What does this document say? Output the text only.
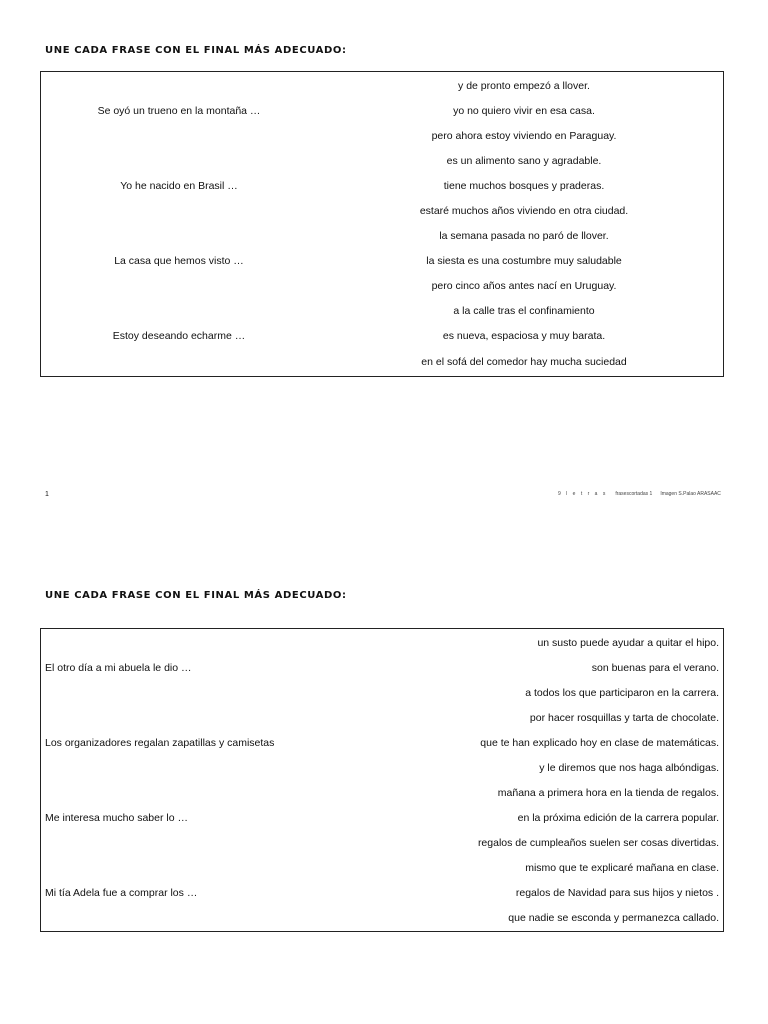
UNE CADA FRASE CON EL FINAL MÁS ADECUADO:
Se oyó un trueno en la montaña …
Yo he nacido en Brasil …
La casa que hemos visto …
Estoy deseando echarme …
y de pronto empezó a llover.
yo no quiero vivir en esa casa.
pero ahora estoy viviendo en Paraguay.
es un alimento sano y agradable.
tiene muchos bosques y praderas.
estaré muchos años viviendo en otra ciudad.
la semana pasada no paró de llover.
la siesta es una costumbre muy saludable
pero cinco años antes nací en Uruguay.
a la calle tras el confinamiento
es nueva, espaciosa y muy barata.
en el sofá del comedor hay mucha suciedad
1	9 l e t r a s frasescortadas 1 Imagen S.Palao ARASAAC
UNE CADA FRASE CON EL FINAL MÁS ADECUADO:
El otro día a mi abuela le dio …
Los organizadores regalan zapatillas y camisetas
Me interesa mucho saber lo …
Mi tía Adela fue a comprar los …
un susto puede ayudar a quitar el hipo.
son buenas para el verano.
a todos los que participaron en la carrera.
por hacer rosquillas y tarta de chocolate.
que te han explicado hoy en clase de matemáticas.
y le diremos que nos haga albóndigas.
mañana a primera hora en la tienda de regalos.
en la próxima edición de la carrera popular.
regalos de cumpleaños suelen ser cosas divertidas.
mismo que te explicaré mañana en clase.
regalos de Navidad para sus hijos y nietos .
que nadie se esconda y permanezca callado.
